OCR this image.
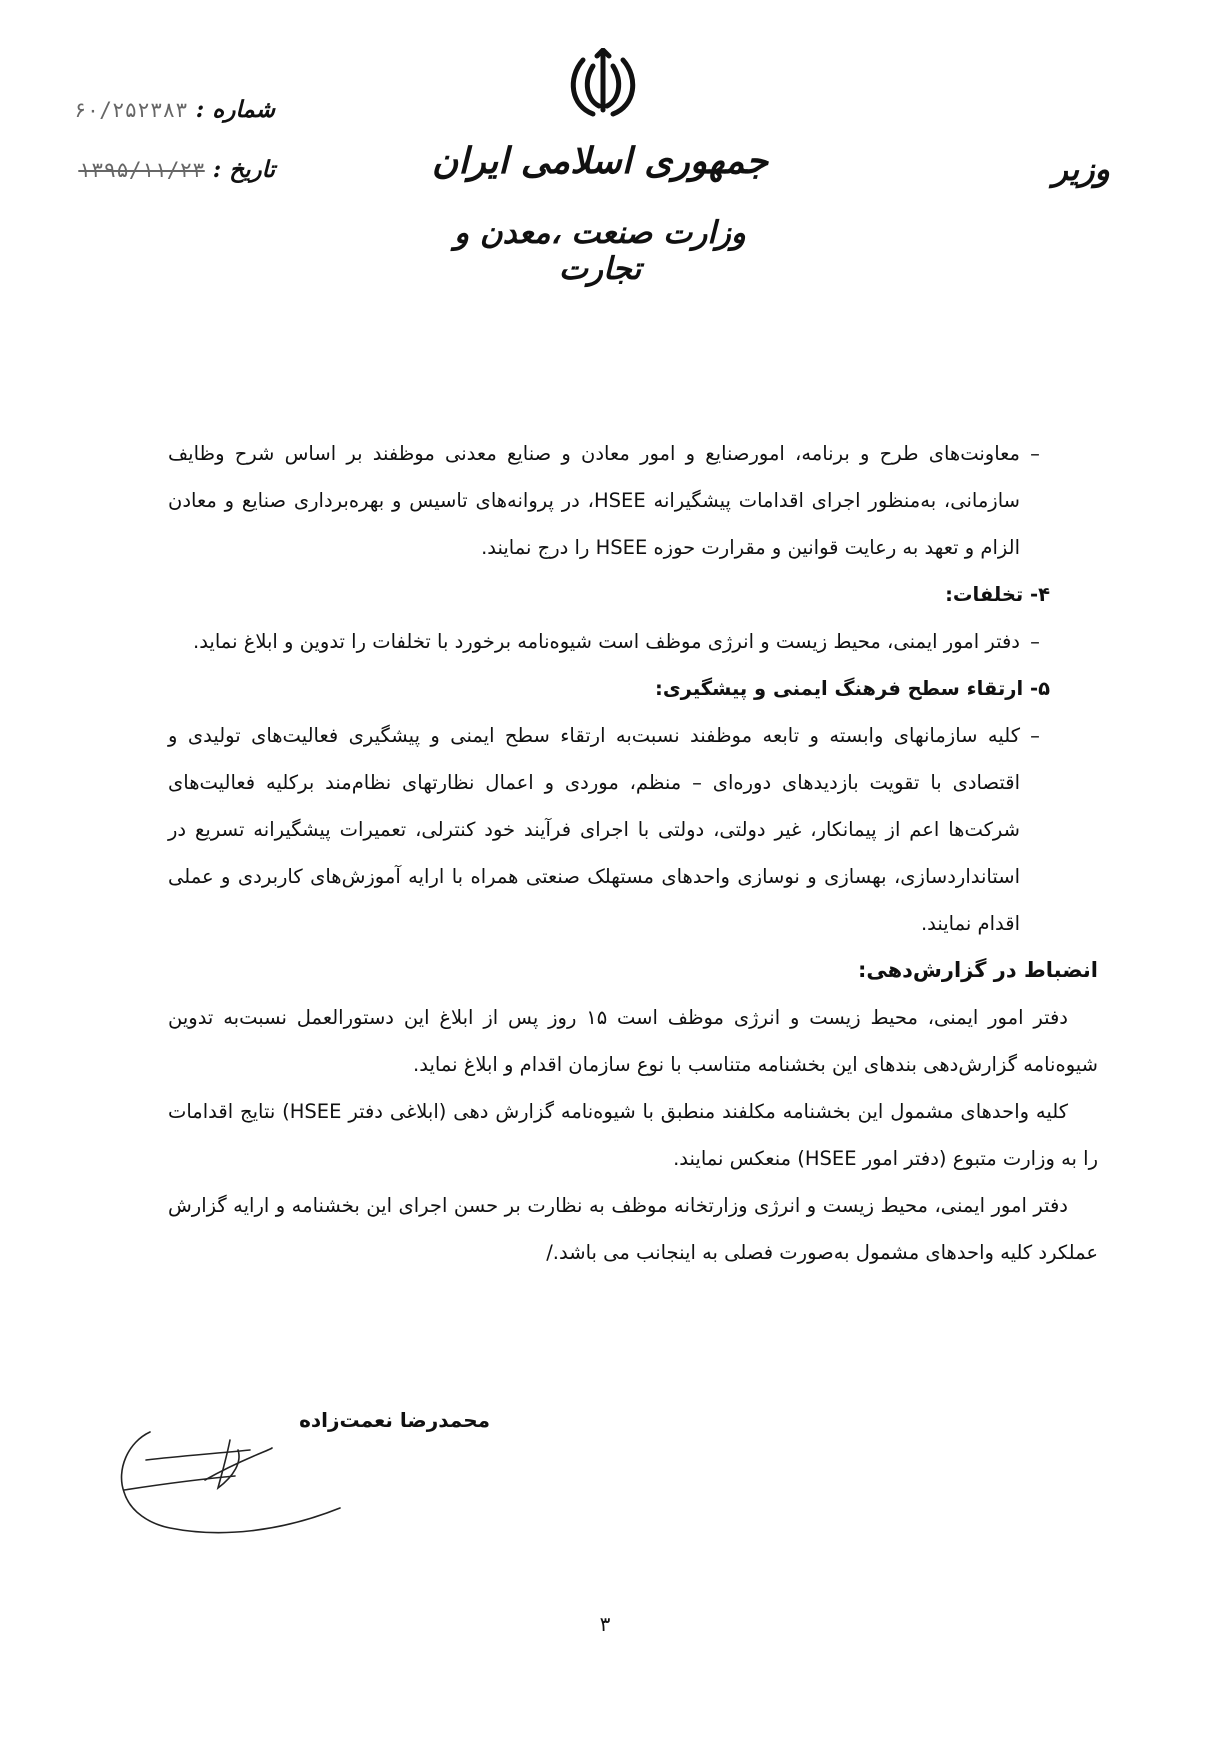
جمهوری اسلامی ایران
وزارت صنعت ،معدن و تجارت
وزیر
شماره :
۶۰/۲۵۲۳۸۳
تاریخ :
۱۳۹۵/۱۱/۲۳
–
معاونت‌های طرح و برنامه، امورصنایع و امور معادن و صنایع معدنی موظفند بر اساس شرح وظایف سازمانی، به‌منظور اجرای اقدامات پیشگیرانه HSEE، در پروانه‌های تاسیس و بهره‌برداری صنایع و معادن الزام و تعهد به رعایت قوانین و مقرارت حوزه HSEE را درج نمایند.
۴- تخلفات:
–
دفتر امور ایمنی، محیط زیست و انرژی موظف است شیوه‌نامه برخورد با تخلفات را تدوین و ابلاغ نماید.
۵- ارتقاء سطح فرهنگ ایمنی و پیشگیری:
–
کلیه سازمانهای وابسته و تابعه موظفند نسبت‌به ارتقاء سطح ایمنی و پیشگیری فعالیت‌های تولیدی و اقتصادی با تقویت بازدیدهای دوره‌ای – منظم، موردی و اعمال نظارتهای نظام‌مند برکلیه فعالیت‌های شرکت‌ها اعم از پیمانکار، غیر دولتی، دولتی با اجرای فرآیند خود کنترلی، تعمیرات پیشگیرانه تسریع در استانداردسازی، بهسازی و نوسازی واحدهای مستهلک صنعتی همراه با ارایه آموزش‌های کاربردی و عملی اقدام نمایند.
انضباط در گزارش‌دهی:
دفتر امور ایمنی، محیط زیست و انرژی موظف است ۱۵ روز پس از ابلاغ این دستورالعمل نسبت‌به تدوین شیوه‌نامه گزارش‌دهی بندهای این بخشنامه متناسب با نوع سازمان اقدام و ابلاغ نماید.
کلیه واحدهای مشمول این بخشنامه مکلفند منطبق با شیوه‌نامه گزارش دهی (ابلاغی دفتر HSEE) نتایج اقدامات را به وزارت متبوع (دفتر امور HSEE) منعکس نمایند.
دفتر امور ایمنی، محیط زیست و انرژی وزارتخانه موظف به نظارت بر حسن اجرای این بخشنامه و ارایه گزارش عملکرد کلیه واحدهای مشمول به‌صورت فصلی به اینجانب می باشد./
محمدرضا نعمت‌زاده
۳
